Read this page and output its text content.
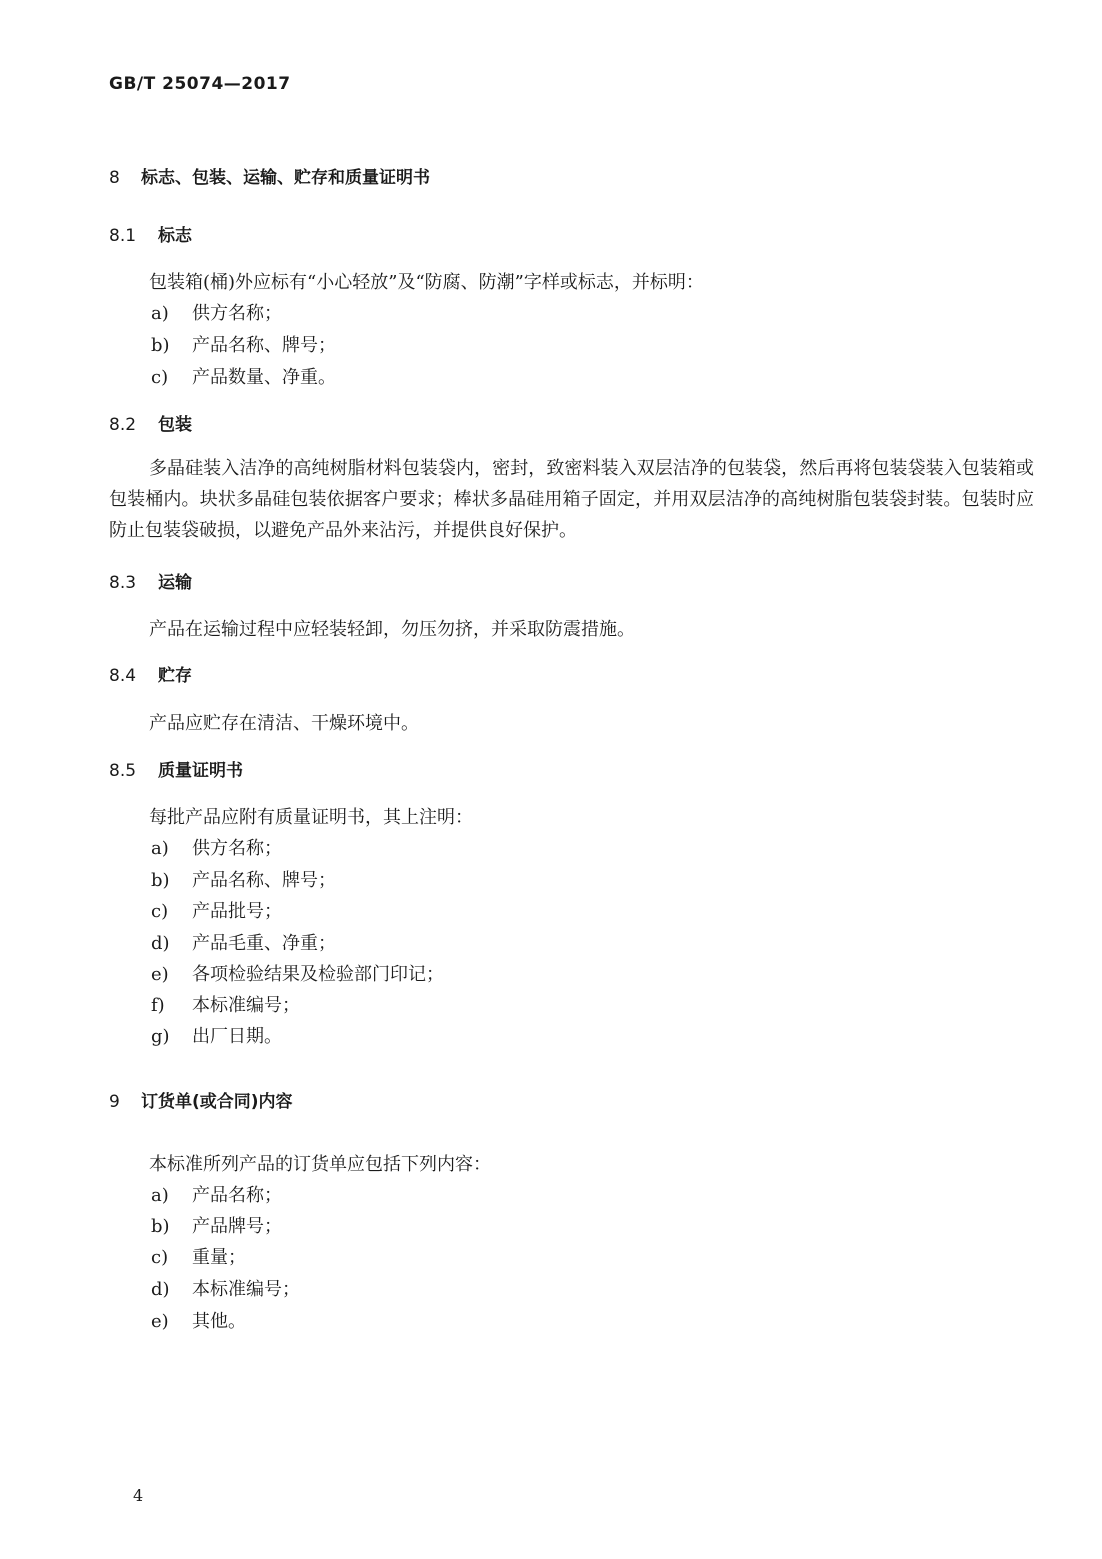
GB/T 25074—2017
8 标志、包装、运输、贮存和质量证明书
8.1 标志
包装箱(桶)外应标有“小心轻放”及“防腐、防潮”字样或标志，并标明：
a) 供方名称；
b) 产品名称、牌号；
c) 产品数量、净重。
8.2 包装
多晶硅装入洁净的高纯树脂材料包装袋内，密封，致密料装入双层洁净的包装袋，然后再将包装袋装入包装箱或包装桶内。块状多晶硅包装依据客户要求；棒状多晶硅用箱子固定，并用双层洁净的高纯树脂包装袋封装。包装时应防止包装袋破损，以避免产品外来沾污，并提供良好保护。
8.3 运输
产品在运输过程中应轻装轻卸，勿压勿挤，并采取防震措施。
8.4 贮存
产品应贮存在清洁、干燥环境中。
8.5 质量证明书
每批产品应附有质量证明书，其上注明：
a) 供方名称；
b) 产品名称、牌号；
c) 产品批号；
d) 产品毛重、净重；
e) 各项检验结果及检验部门印记；
f) 本标准编号；
g) 出厂日期。
9 订货单(或合同)内容
本标准所列产品的订货单应包括下列内容：
a) 产品名称；
b) 产品牌号；
c) 重量；
d) 本标准编号；
e) 其他。
4
